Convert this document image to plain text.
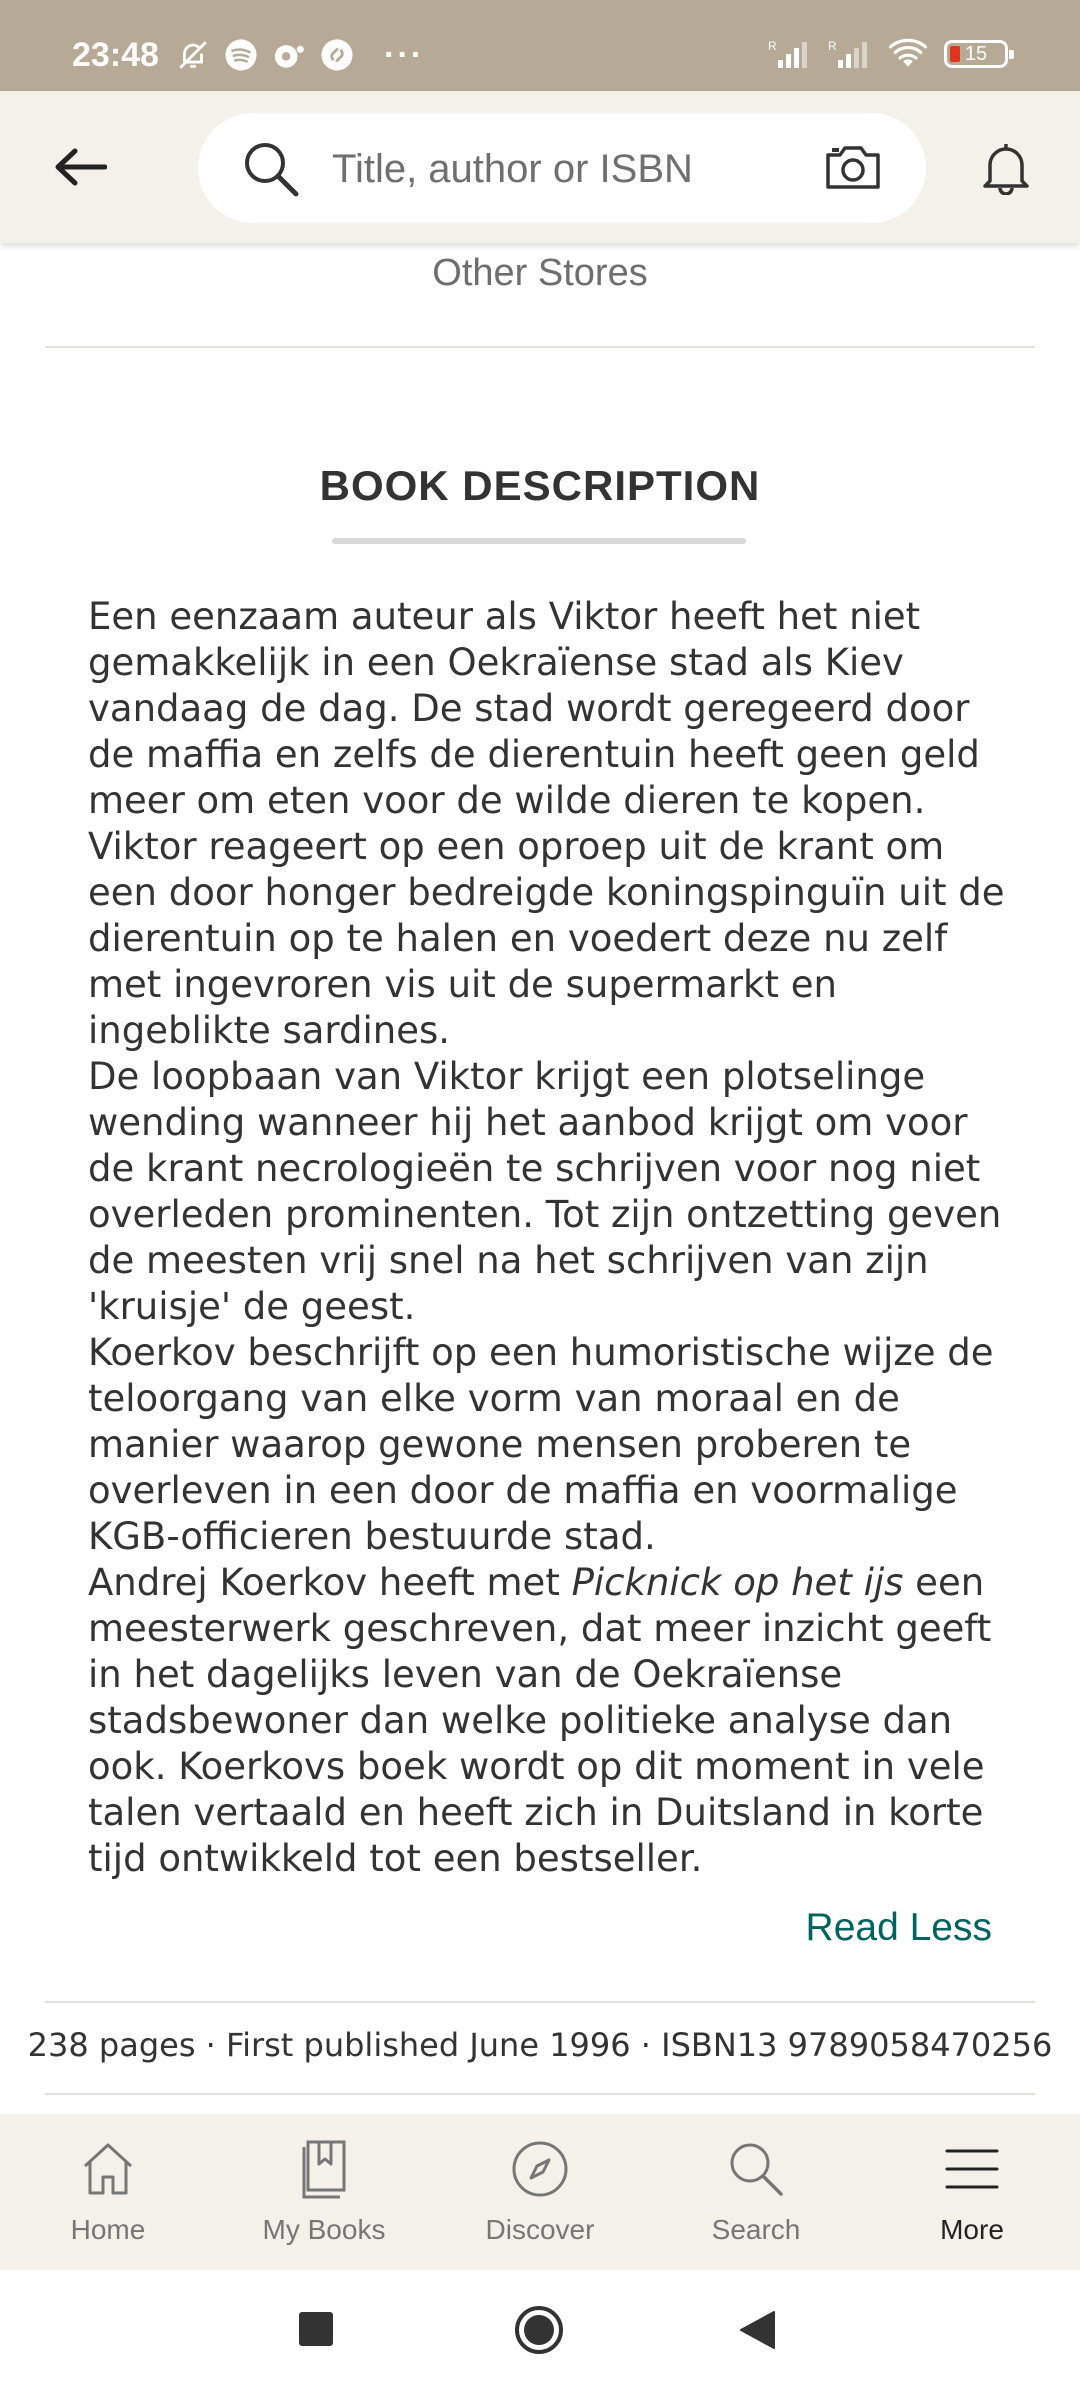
23:48	···	R	R	15
Title, author or ISBN
Other Stores
BOOK DESCRIPTION

Een eenzaam auteur als Viktor heeft het niet gemakkelijk in een Oekraïense stad als Kiev vandaag de dag. De stad wordt geregeerd door de maffia en zelfs de dierentuin heeft geen geld meer om eten voor de wilde dieren te kopen. Viktor reageert op een oproep uit de krant om een door honger bedreigde koningspinguïn uit de dierentuin op te halen en voedert deze nu zelf met ingevroren vis uit de supermarkt en ingeblikte sardines.

De loopbaan van Viktor krijgt een plotselinge wending wanneer hij het aanbod krijgt om voor de krant necrologieën te schrijven voor nog niet overleden prominenten. Tot zijn ontzetting geven de meesten vrij snel na het schrijven van zijn 'kruisje' de geest.

Koerkov beschrijft op een humoristische wijze de teloorgang van elke vorm van moraal en de manier waarop gewone mensen proberen te overleven in een door de maffia en voormalige KGB-officieren bestuurde stad.

Andrej Koerkov heeft met Picknick op het ijs een meesterwerk geschreven, dat meer inzicht geeft in het dagelijks leven van de Oekraïense stadsbewoner dan welke politieke analyse dan ook. Koerkovs boek wordt op dit moment in vele talen vertaald en heeft zich in Duitsland in korte tijd ontwikkeld tot een bestseller.

Read Less
238 pages · First published June 1996 · ISBN13 9789058470256
Home	My Books	Discover	Search	More
